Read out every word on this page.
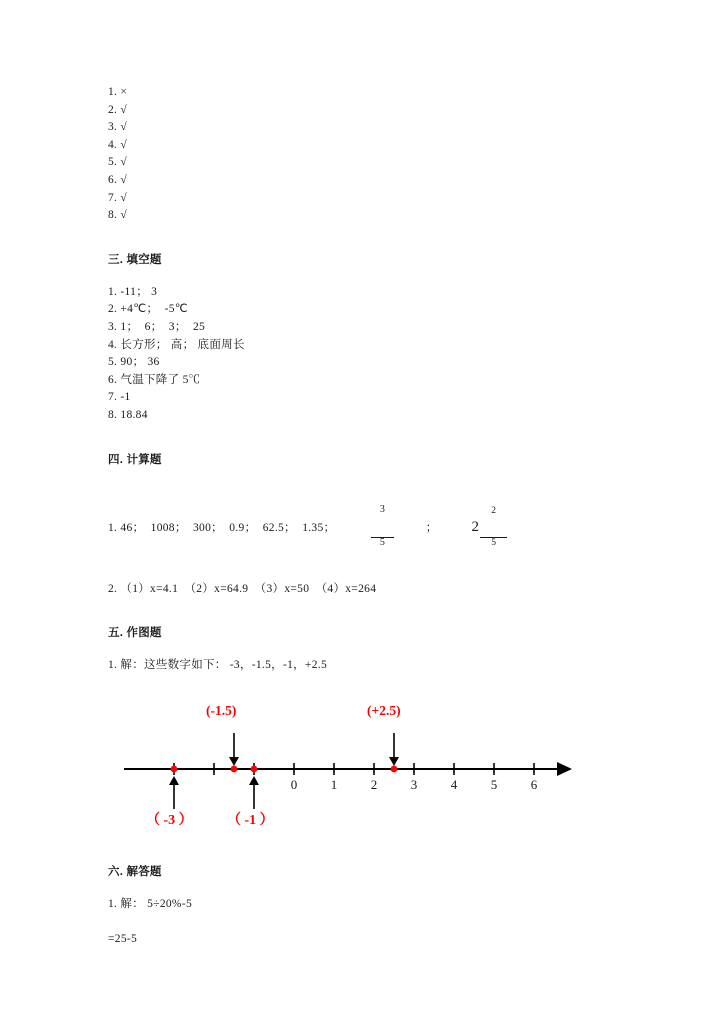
1. ×
2. √
3. √
4. √
5. √
6. √
7. √
8. √
三. 填空题
1. -11； 3
2. +4℃；  -5℃
3. 1；  6；  3；  25
4. 长方形； 高； 底面周长
5. 90； 36
6. 气温下降了 5℃
7. -1
8. 18.84
四. 计算题
1. 46；  1008；  300；  0.9；  62.5；  1.35；

	$\frac{3}{5}$

	； 2

$\frac{2}{5}$

2. （1）x=4.1  （2）x=64.9  （3）x=50  （4）x=264
五. 作图题
1. 解：这些数字如下： -3，-1.5，-1，+2.5
0	1	2	3	4	5	6
(-1.5)	(+2.5)
（ -3 ） （ -1 ）
六. 解答题
1. 解： 5÷20%-5
=25-5
